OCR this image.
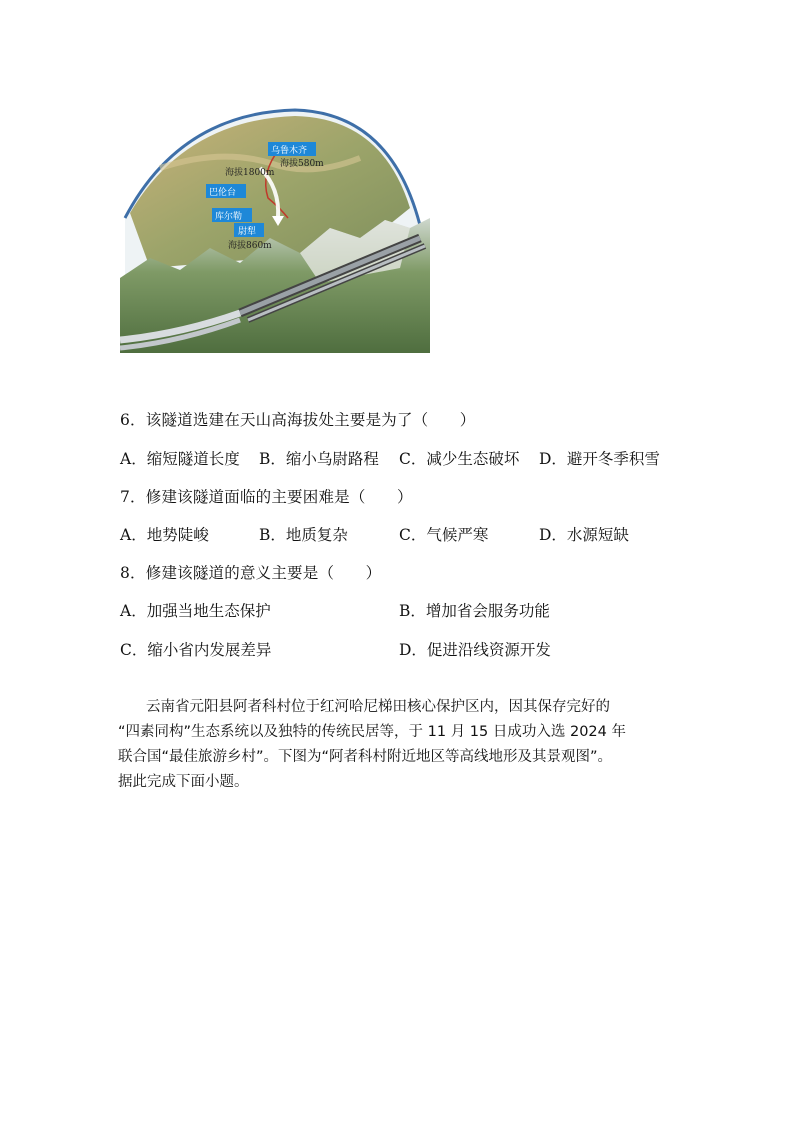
乌鲁木齐
海拔580m
海拔1800m
巴伦台
库尔勒
尉犁
海拔860m
6．该隧道选建在天山高海拔处主要是为了（　　）
A．缩短隧道长度 B．缩小乌尉路程 C．减少生态破坏 D．避开冬季积雪
7．修建该隧道面临的主要困难是（　　）
A．地势陡峻	B．地质复杂	C．气候严寒	D．水源短缺
8．修建该隧道的意义主要是（　　）
A．加强当地生态保护	B．增加省会服务功能
C．缩小省内发展差异	D．促进沿线资源开发
云南省元阳县阿者科村位于红河哈尼梯田核心保护区内，因其保存完好的
“四素同构”生态系统以及独特的传统民居等，于 11 月 15 日成功入选 2024 年
联合国“最佳旅游乡村”。下图为“阿者科村附近地区等高线地形及其景观图”。
据此完成下面小题。
